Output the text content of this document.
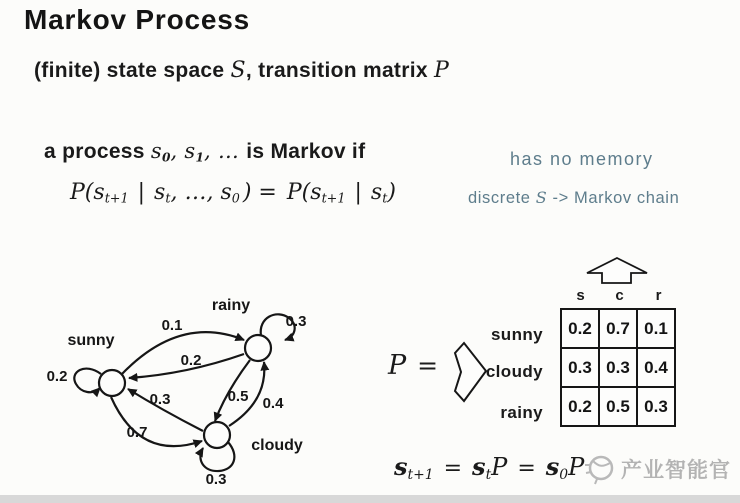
Markov Process
(finite) state space S, transition matrix P
a process s0, s1, … is Markov if	has no memory
P(st+1 | st, …, s0 ) = P(st+1 | st)	discrete S -> Markov chain
sunny
rainy
cloudy
0.2
0.1
0.2
0.3
0.5 0.4
0.3
0.7
0.3
P =
sunny
cloudy
rainy
s	c	r
0.2	0.7	0.1
0.3	0.3	0.4
0.2	0.5	0.3
st+1 = stP = s0P 产业智能官
